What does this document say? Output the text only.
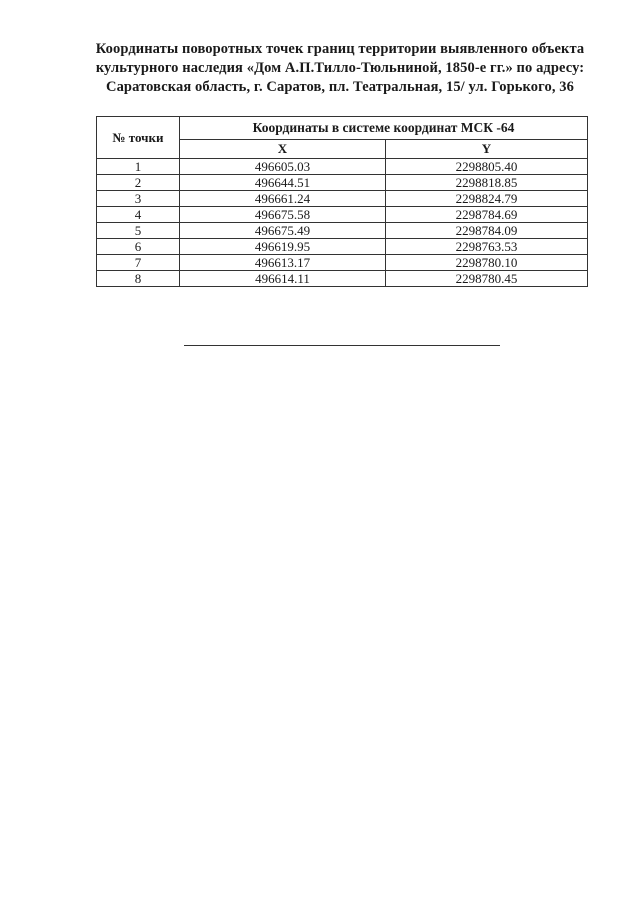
Координаты поворотных точек границ территории выявленного объекта
культурного наследия «Дом А.П.Тилло-Тюльниной, 1850-е гг.» по адресу:
Саратовская область, г. Саратов, пл. Театральная, 15/ ул. Горького, 36
№ точки	Координаты в системе координат МСК -64	
	X	Y
1	496605.03	2298805.40
2	496644.51	2298818.85
3	496661.24	2298824.79
4	496675.58	2298784.69
5	496675.49	2298784.09
6	496619.95	2298763.53
7	496613.17	2298780.10
8	496614.11	2298780.45
